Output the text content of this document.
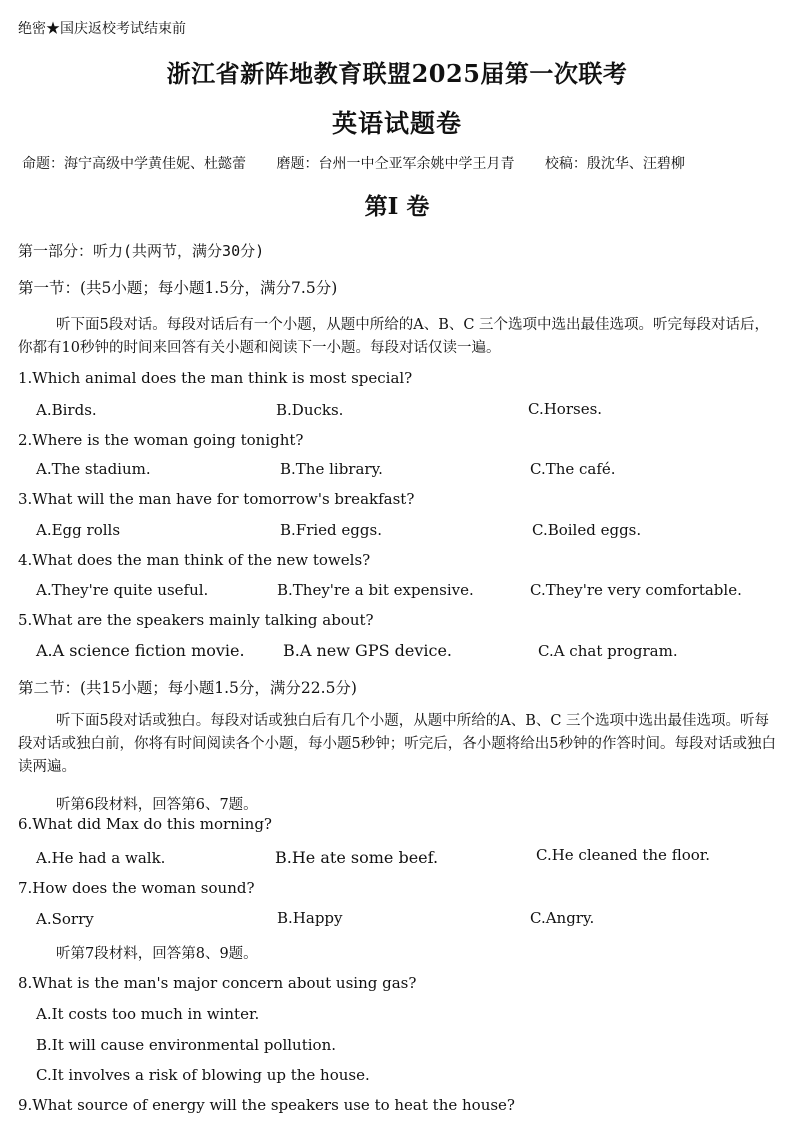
绝密★国庆返校考试结束前
浙江省新阵地教育联盟2025届第一次联考
英语试题卷
命题：海宁高级中学黄佳妮、杜懿蕾 磨题：台州一中仝亚军余姚中学王月青 校稿：殷沈华、汪碧柳
第I 卷
第一部分：听力(共两节，满分30分)
第一节：(共5小题；每小题1.5分，满分7.5分)
听下面5段对话。每段对话后有一个小题，从题中所给的A、B、C 三个选项中选出最佳选项。听完每段对话后，你都有10秒钟的时间来回答有关小题和阅读下一小题。每段对话仅读一遍。
1.Which animal does the man think is most special?
A.Birds.	B.Ducks.	C.Horses.
2.Where is the woman going tonight?
A.The stadium.	B.The library.	C.The café.
3.What will the man have for tomorrow's breakfast?
A.Egg rolls	B.Fried eggs.	C.Boiled eggs.
4.What does the man think of the new towels?
A.They're quite useful.	B.They're a bit expensive.	C.They're very comfortable.
5.What are the speakers mainly talking about?
A.A science fiction movie. B.A new GPS device.	C.A chat program.
第二节：(共15小题；每小题1.5分，满分22.5分)
听下面5段对话或独白。每段对话或独白后有几个小题，从题中所给的A、B、C 三个选项中选出最佳选项。听每段对话或独白前，你将有时间阅读各个小题，每小题5秒钟；听完后，各小题将给出5秒钟的作答时间。每段对话或独白读两遍。
听第6段材料，回答第6、7题。
6.What did Max do this morning?
A.He had a walk.	B.He ate some beef.	C.He cleaned the floor.
7.How does the woman sound?
A.Sorry	B.Happy	C.Angry.
听第7段材料，回答第8、9题。
8.What is the man's major concern about using gas?
A.It costs too much in winter.
B.It will cause environmental pollution.
C.It involves a risk of blowing up the house.
9.What source of energy will the speakers use to heat the house?
